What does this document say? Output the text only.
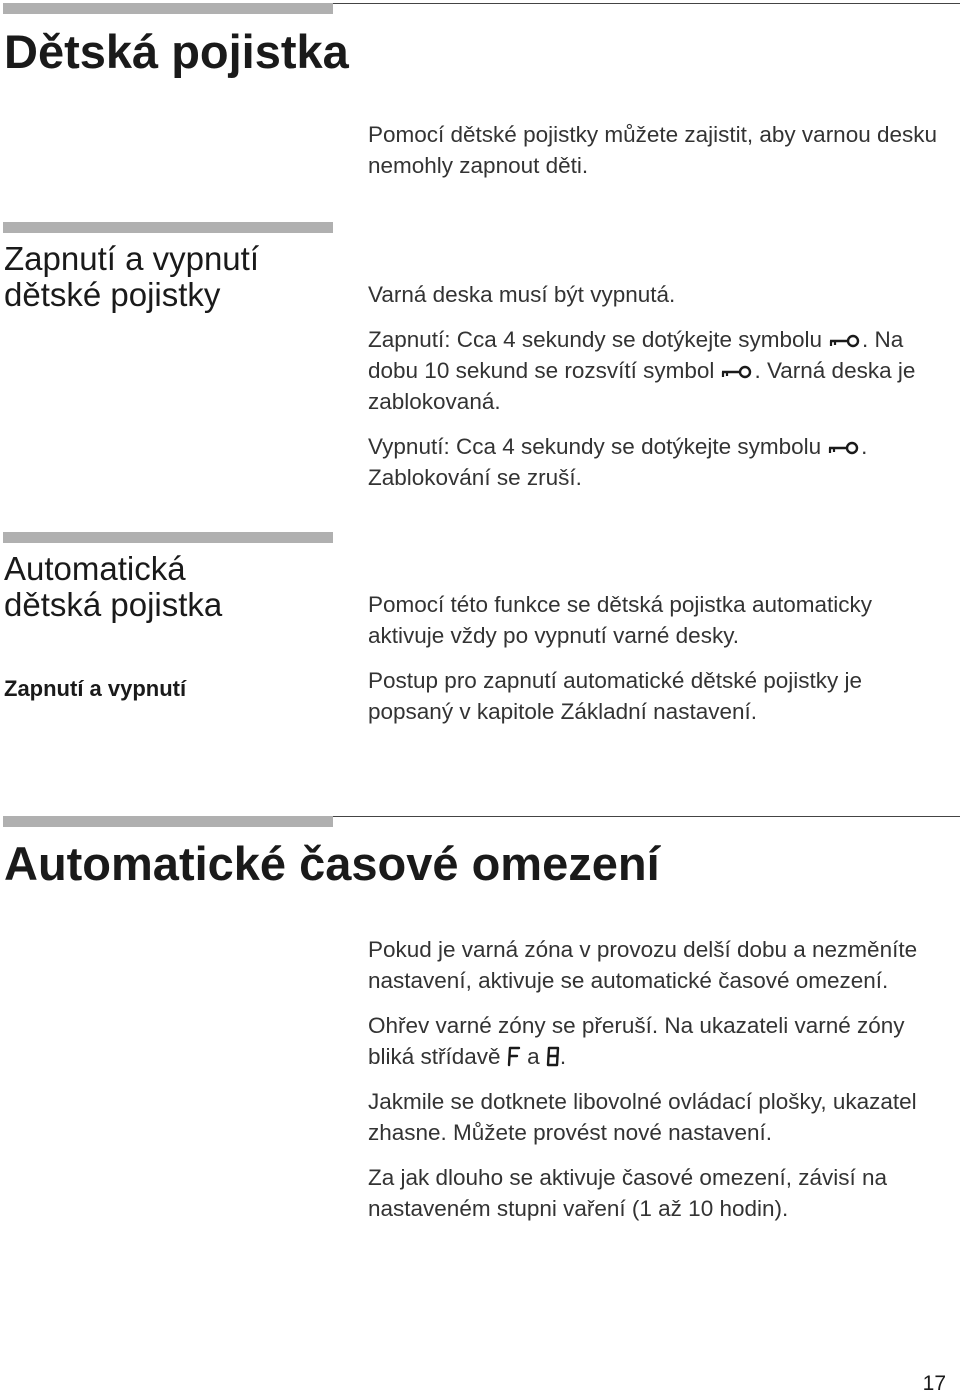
Dětská pojistka

Pomocí dětské pojistky můžete zajistit, aby varnou desku nemohly zapnout děti.

Zapnutí a vypnutí
dětské pojistky	Varná deska musí být vypnutá.

Zapnutí: Cca 4 sekundy se dotýkejte symbolu . Na dobu 10 sekund se rozsvítí symbol . Varná deska je zablokovaná.

Vypnutí: Cca 4 sekundy se dotýkejte symbolu . Zablokování se zruší.

Automatická
dětská pojistka
Zapnutí a vypnutí

Pomocí této funkce se dětská pojistka automaticky aktivuje vždy po vypnutí varné desky.

Postup pro zapnutí automatické dětské pojistky je popsaný v kapitole Základní nastavení.

Automatické časové omezení

Pokud je varná zóna v provozu delší dobu a nezměníte nastavení, aktivuje se automatické časové omezení.

Ohřev varné zóny se přeruší. Na ukazateli varné zóny bliká střídavě a .

Jakmile se dotknete libovolné ovládací plošky, ukazatel zhasne. Můžete provést nové nastavení.

Za jak dlouho se aktivuje časové omezení, závisí na nastaveném stupni vaření (1 až 10 hodin).

17
